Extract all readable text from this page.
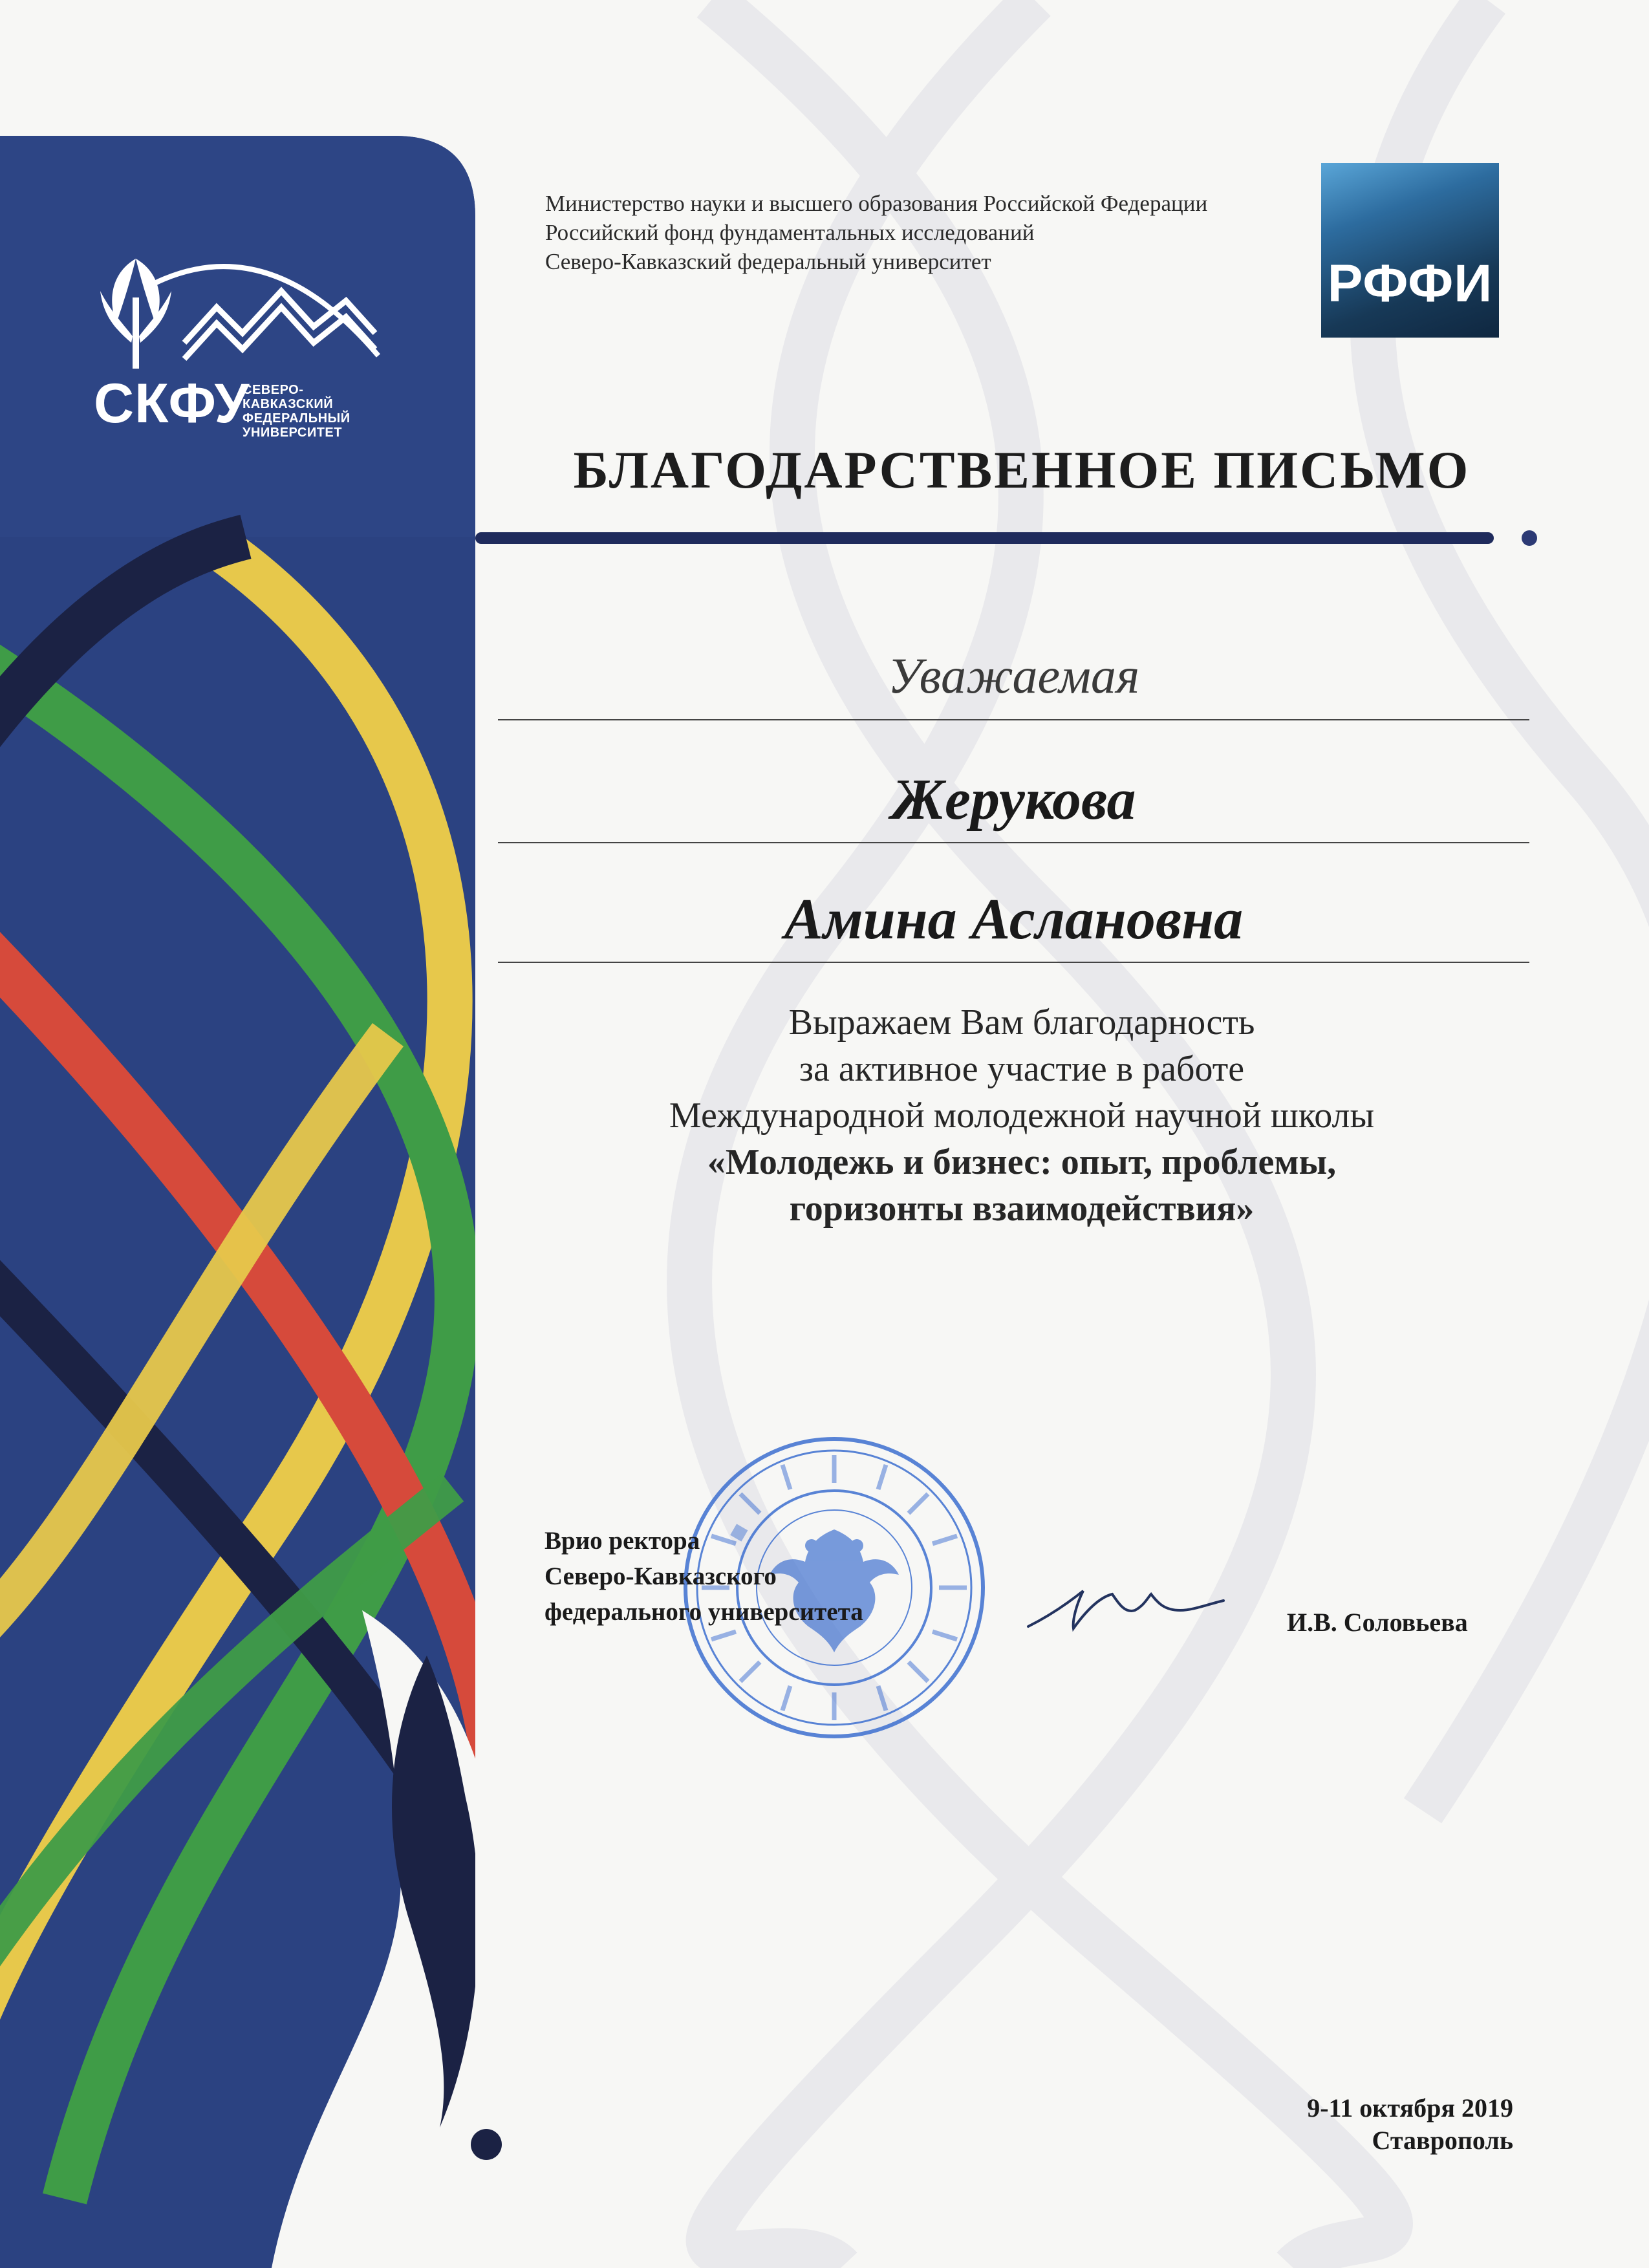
СКФУ
СЕВЕРО-КАВКАЗСКИЙ
ФЕДЕРАЛЬНЫЙ
УНИВЕРСИТЕТ
Министерство науки и высшего образования Российской Федерации
Российский фонд фундаментальных исследований
Северо-Кавказский федеральный университет	РФФИ
БЛАГОДАРСТВЕННОЕ ПИСЬМО
Уважаемая
Жерукова
Амина Аслановна
Выражаем Вам благодарность
за активное участие в работе
Международной молодежной научной школы
«Молодежь и бизнес: опыт, проблемы,
горизонты взаимодействия»
Врио ректора
Северо-Кавказского
федерального университета	И.В. Соловьева
9-11 октября 2019
Ставрополь
